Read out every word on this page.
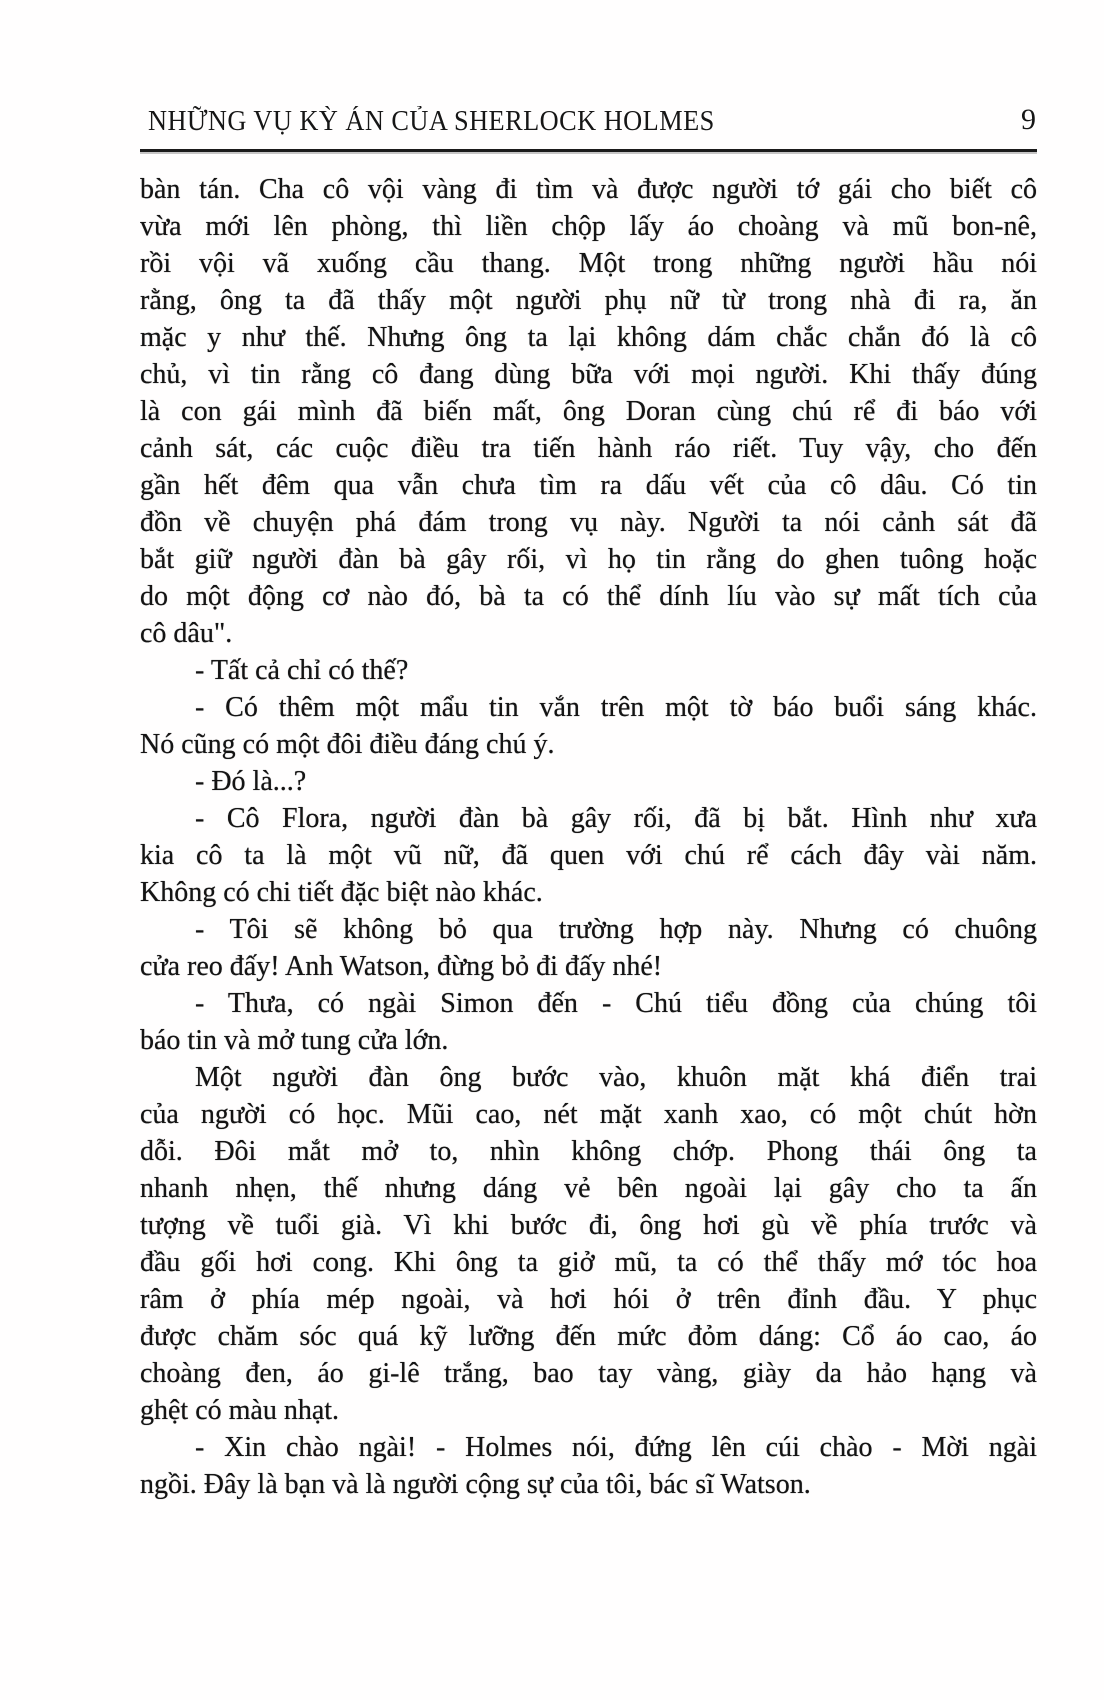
NHỮNG VỤ KỲ ÁN CỦA SHERLOCK HOLMES	9
bàn tán. Cha cô vội vàng đi tìm và được người tớ gái cho biết cô
vừa mới lên phòng, thì liền chộp lấy áo choàng và mũ bon-nê,
rồi vội vã xuống cầu thang. Một trong những người hầu nói
rằng, ông ta đã thấy một người phụ nữ từ trong nhà đi ra, ăn
mặc y như thế. Nhưng ông ta lại không dám chắc chắn đó là cô
chủ, vì tin rằng cô đang dùng bữa với mọi người. Khi thấy đúng
là con gái mình đã biến mất, ông Doran cùng chú rể đi báo với
cảnh sát, các cuộc điều tra tiến hành ráo riết. Tuy vậy, cho đến
gần hết đêm qua vẫn chưa tìm ra dấu vết của cô dâu. Có tin
đồn về chuyện phá đám trong vụ này. Người ta nói cảnh sát đã
bắt giữ người đàn bà gây rối, vì họ tin rằng do ghen tuông hoặc
do một động cơ nào đó, bà ta có thể dính líu vào sự mất tích của
cô dâu".
- Tất cả chỉ có thế?
- Có thêm một mẩu tin vắn trên một tờ báo buổi sáng khác.
Nó cũng có một đôi điều đáng chú ý.
- Đó là...?
- Cô Flora, người đàn bà gây rối, đã bị bắt. Hình như xưa
kia cô ta là một vũ nữ, đã quen với chú rể cách đây vài năm.
Không có chi tiết đặc biệt nào khác.
- Tôi sẽ không bỏ qua trường hợp này. Nhưng có chuông
cửa reo đấy! Anh Watson, đừng bỏ đi đấy nhé!
- Thưa, có ngài Simon đến - Chú tiểu đồng của chúng tôi
báo tin và mở tung cửa lớn.
Một người đàn ông bước vào, khuôn mặt khá điển trai
của người có học. Mũi cao, nét mặt xanh xao, có một chút hờn
dỗi. Đôi mắt mở to, nhìn không chớp. Phong thái ông ta
nhanh nhẹn, thế nhưng dáng vẻ bên ngoài lại gây cho ta ấn
tượng về tuổi già. Vì khi bước đi, ông hơi gù về phía trước và
đầu gối hơi cong. Khi ông ta giở mũ, ta có thể thấy mớ tóc hoa
râm ở phía mép ngoài, và hơi hói ở trên đỉnh đầu. Y phục
được chăm sóc quá kỹ lưỡng đến mức đỏm dáng: Cổ áo cao, áo
choàng đen, áo gi-lê trắng, bao tay vàng, giày da hảo hạng và
ghệt có màu nhạt.
- Xin chào ngài! - Holmes nói, đứng lên cúi chào - Mời ngài
ngồi. Đây là bạn và là người cộng sự của tôi, bác sĩ Watson.
